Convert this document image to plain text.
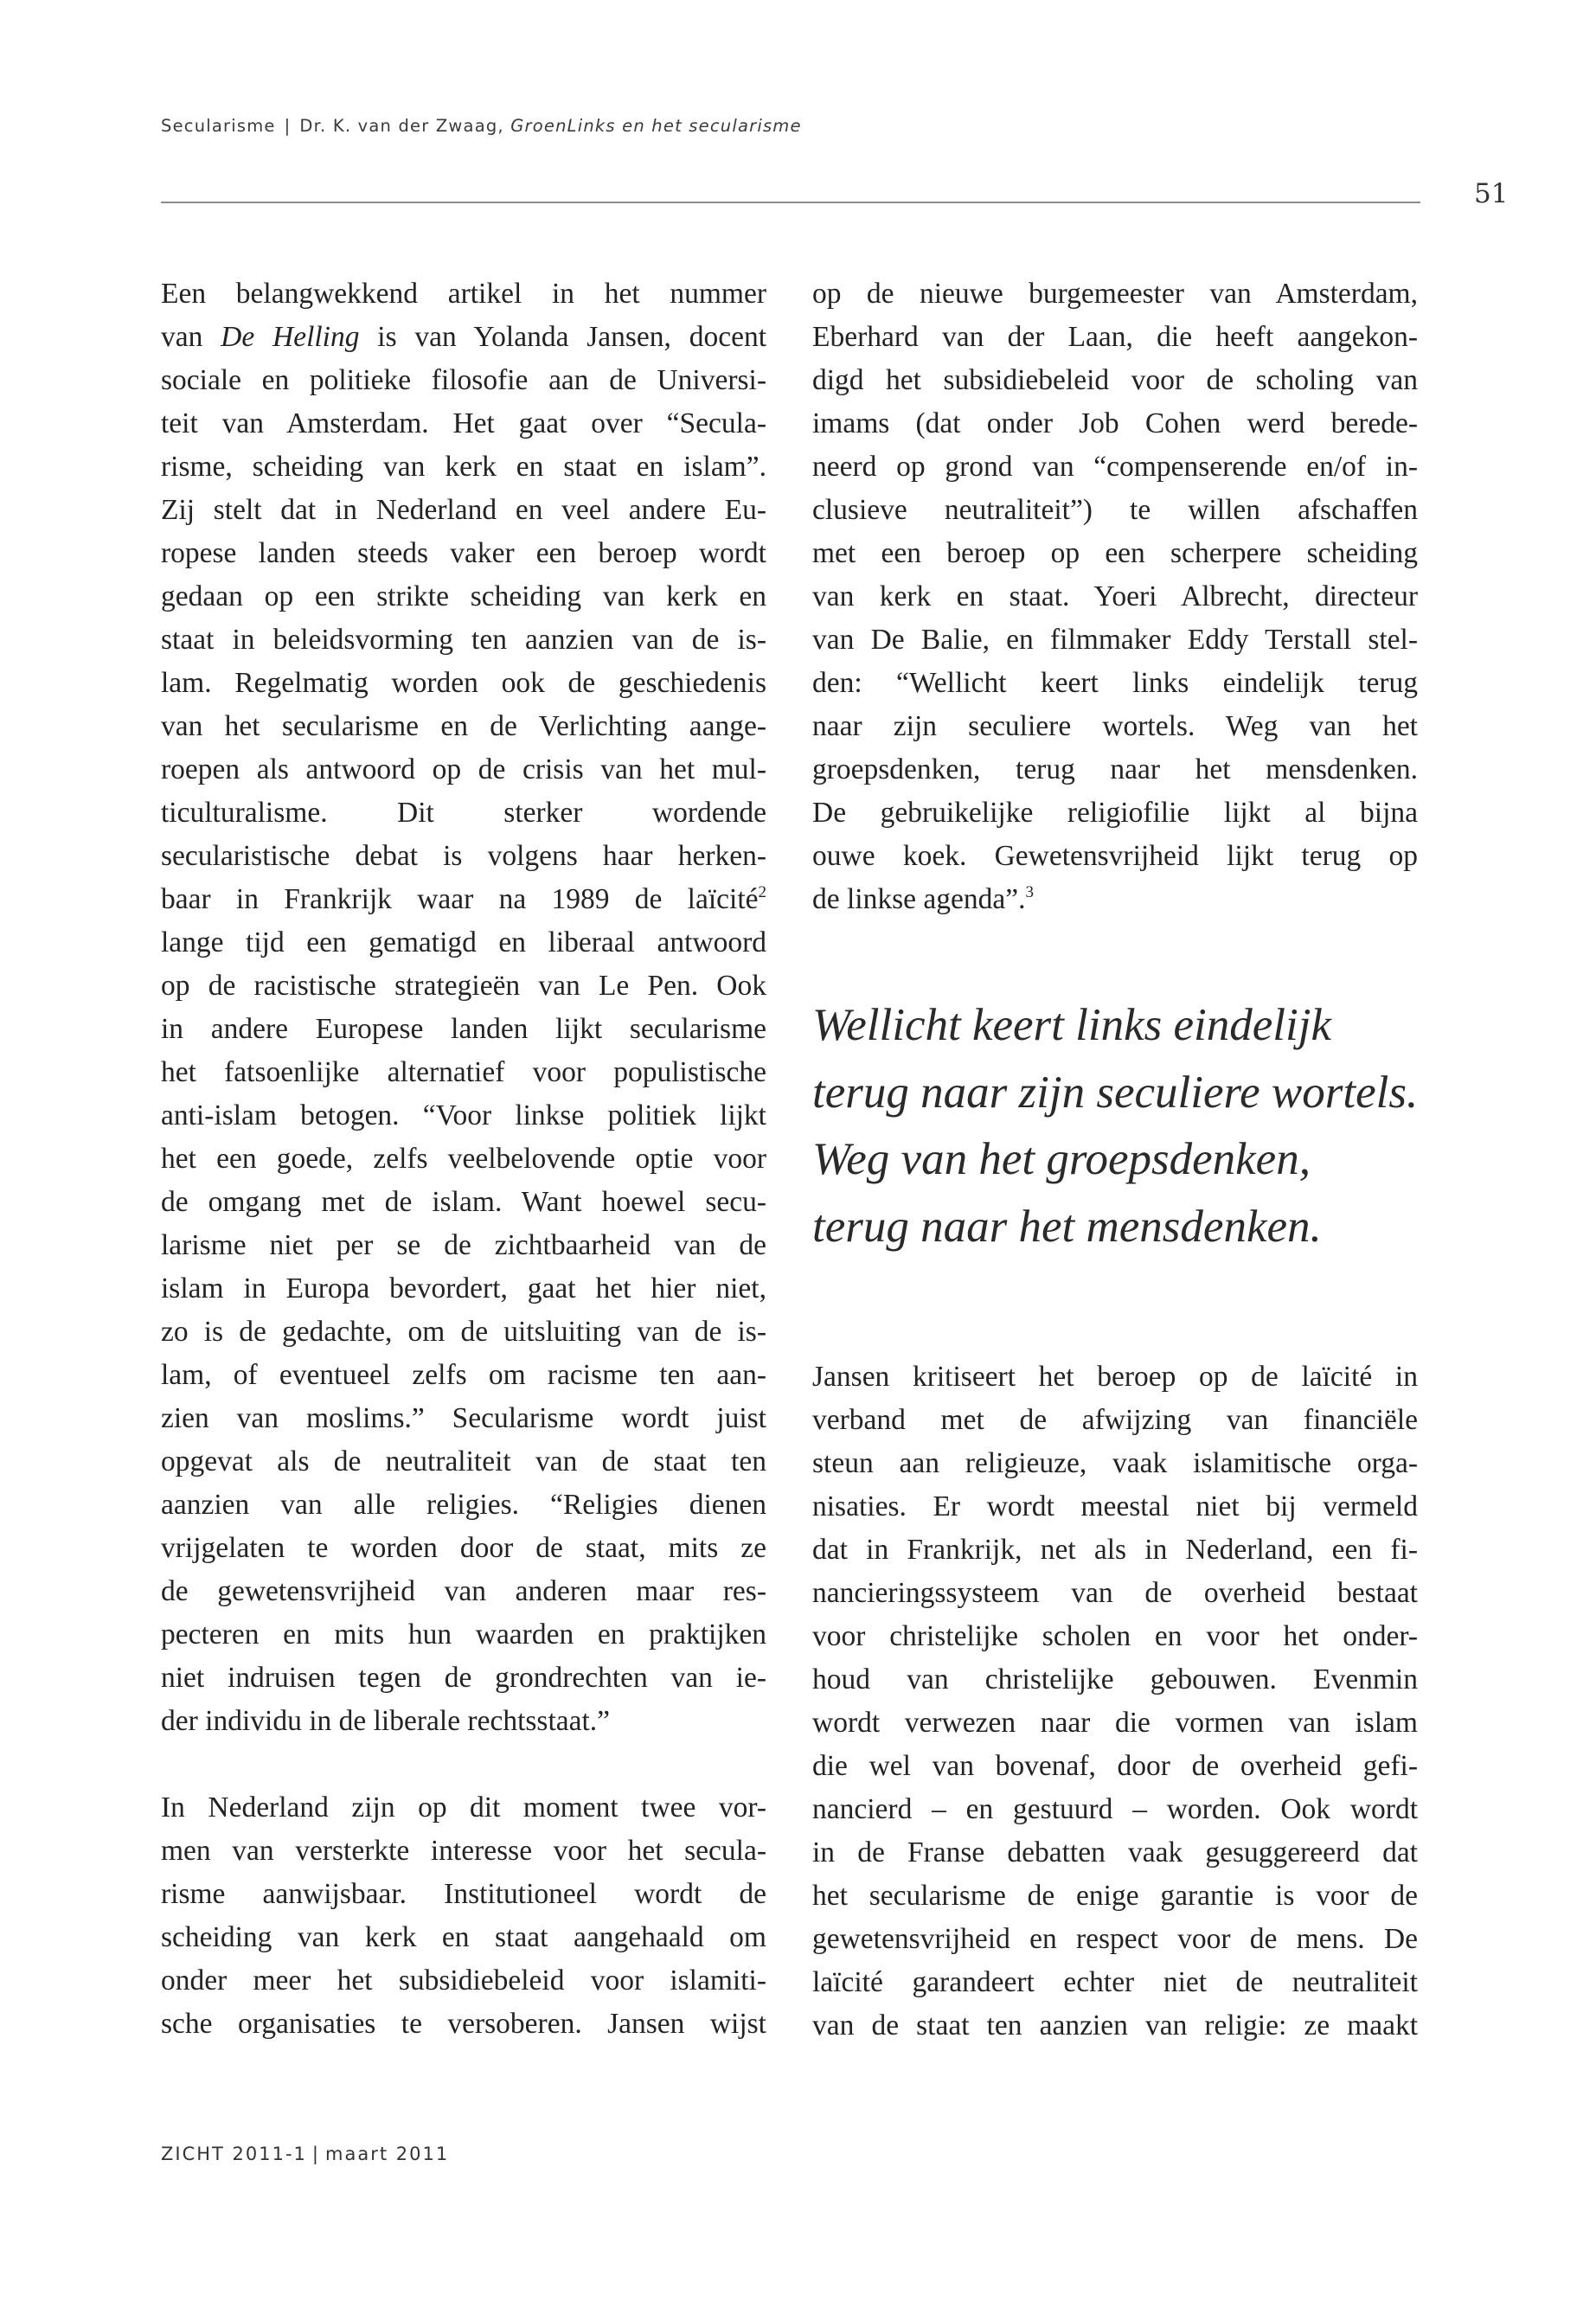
Secularisme | Dr. K. van der Zwaag, GroenLinks en het secularisme
51
Een belangwekkend artikel in het nummer
van De Helling is van Yolanda Jansen, docent
sociale en politieke filosofie aan de Universi-
teit van Amsterdam. Het gaat over “Secula-
risme, scheiding van kerk en staat en islam”.
Zij stelt dat in Nederland en veel andere Eu-
ropese landen steeds vaker een beroep wordt
gedaan op een strikte scheiding van kerk en
staat in beleidsvorming ten aanzien van de is-
lam. Regelmatig worden ook de geschiedenis
van het secularisme en de Verlichting aange-
roepen als antwoord op de crisis van het mul-
ticulturalisme. Dit sterker wordende
secularistische debat is volgens haar herken-
baar in Frankrijk waar na 1989 de laïcité$^2$
lange tijd een gematigd en liberaal antwoord
op de racistische strategieën van Le Pen. Ook
in andere Europese landen lijkt secularisme
het fatsoenlijke alternatief voor populistische
anti-islam betogen. “Voor linkse politiek lijkt
het een goede, zelfs veelbelovende optie voor
de omgang met de islam. Want hoewel secu-
larisme niet per se de zichtbaarheid van de
islam in Europa bevordert, gaat het hier niet,
zo is de gedachte, om de uitsluiting van de is-
lam, of eventueel zelfs om racisme ten aan-
zien van moslims.” Secularisme wordt juist
opgevat als de neutraliteit van de staat ten
aanzien van alle religies. “Religies dienen
vrijgelaten te worden door de staat, mits ze
de gewetensvrijheid van anderen maar res-
pecteren en mits hun waarden en praktijken
niet indruisen tegen de grondrechten van ie-
der individu in de liberale rechtsstaat.”
In Nederland zijn op dit moment twee vor-
men van versterkte interesse voor het secula-
risme aanwijsbaar. Institutioneel wordt de
scheiding van kerk en staat aangehaald om
onder meer het subsidiebeleid voor islamiti-
sche organisaties te versoberen. Jansen wijst
op de nieuwe burgemeester van Amsterdam,
Eberhard van der Laan, die heeft aangekon-
digd het subsidiebeleid voor de scholing van
imams (dat onder Job Cohen werd berede-
neerd op grond van “compenserende en/of in-
clusieve neutraliteit”) te willen afschaffen
met een beroep op een scherpere scheiding
van kerk en staat. Yoeri Albrecht, directeur
van De Balie, en filmmaker Eddy Terstall stel-
den: “Wellicht keert links eindelijk terug
naar zijn seculiere wortels. Weg van het
groepsdenken, terug naar het mensdenken.
De gebruikelijke religiofilie lijkt al bijna
ouwe koek. Gewetensvrijheid lijkt terug op
de linkse agenda”.$^3$
Wellicht keert links eindelijk
terug naar zijn seculiere wortels.
Weg van het groepsdenken,
terug naar het mensdenken.
Jansen kritiseert het beroep op de laïcité in
verband met de afwijzing van financiële
steun aan religieuze, vaak islamitische orga-
nisaties. Er wordt meestal niet bij vermeld
dat in Frankrijk, net als in Nederland, een fi-
nancieringssysteem van de overheid bestaat
voor christelijke scholen en voor het onder-
houd van christelijke gebouwen. Evenmin
wordt verwezen naar die vormen van islam
die wel van bovenaf, door de overheid gefi-
nancierd – en gestuurd – worden. Ook wordt
in de Franse debatten vaak gesuggereerd dat
het secularisme de enige garantie is voor de
gewetensvrijheid en respect voor de mens. De
laïcité garandeert echter niet de neutraliteit
van de staat ten aanzien van religie: ze maakt
ZICHT 2011-1 | maart 2011
